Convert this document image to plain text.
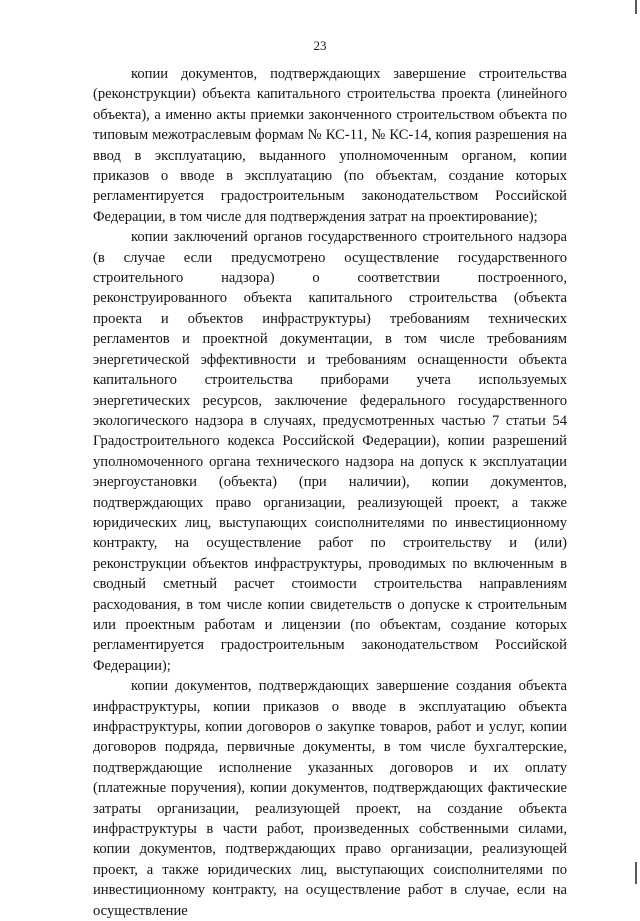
23

копии документов, подтверждающих завершение строительства (реконструкции) объекта капитального строительства проекта (линейного объекта), а именно акты приемки законченного строительством объекта по типовым межотраслевым формам № КС-11, № КС-14, копия разрешения на ввод в эксплуатацию, выданного уполномоченным органом, копии приказов о вводе в эксплуатацию (по объектам, создание которых регламентируется градостроительным законодательством Российской Федерации, в том числе для подтверждения затрат на проектирование);

копии заключений органов государственного строительного надзора (в случае если предусмотрено осуществление государственного строительного надзора) о соответствии построенного, реконструированного объекта капитального строительства (объекта проекта и объектов инфраструктуры) требованиям технических регламентов и проектной документации, в том числе требованиям энергетической эффективности и требованиям оснащенности объекта капитального строительства приборами учета используемых энергетических ресурсов, заключение федерального государственного экологического надзора в случаях, предусмотренных частью 7 статьи 54 Градостроительного кодекса Российской Федерации), копии разрешений уполномоченного органа технического надзора на допуск к эксплуатации энергоустановки (объекта) (при наличии), копии документов, подтверждающих право организации, реализующей проект, а также юридических лиц, выступающих соисполнителями по инвестиционному контракту, на осуществление работ по строительству и (или) реконструкции объектов инфраструктуры, проводимых по включенным в сводный сметный расчет стоимости строительства направлениям расходования, в том числе копии свидетельств о допуске к строительным или проектным работам и лицензии (по объектам, создание которых регламентируется градостроительным законодательством Российской Федерации);

копии документов, подтверждающих завершение создания объекта инфраструктуры, копии приказов о вводе в эксплуатацию объекта инфраструктуры, копии договоров о закупке товаров, работ и услуг, копии договоров подряда, первичные документы, в том числе бухгалтерские, подтверждающие исполнение указанных договоров и их оплату (платежные поручения), копии документов, подтверждающих фактические затраты организации, реализующей проект, на создание объекта инфраструктуры в части работ, произведенных собственными силами, копии документов, подтверждающих право организации, реализующей проект, а также юридических лиц, выступающих соисполнителями по инвестиционному контракту, на осуществление работ в случае, если на осуществление
